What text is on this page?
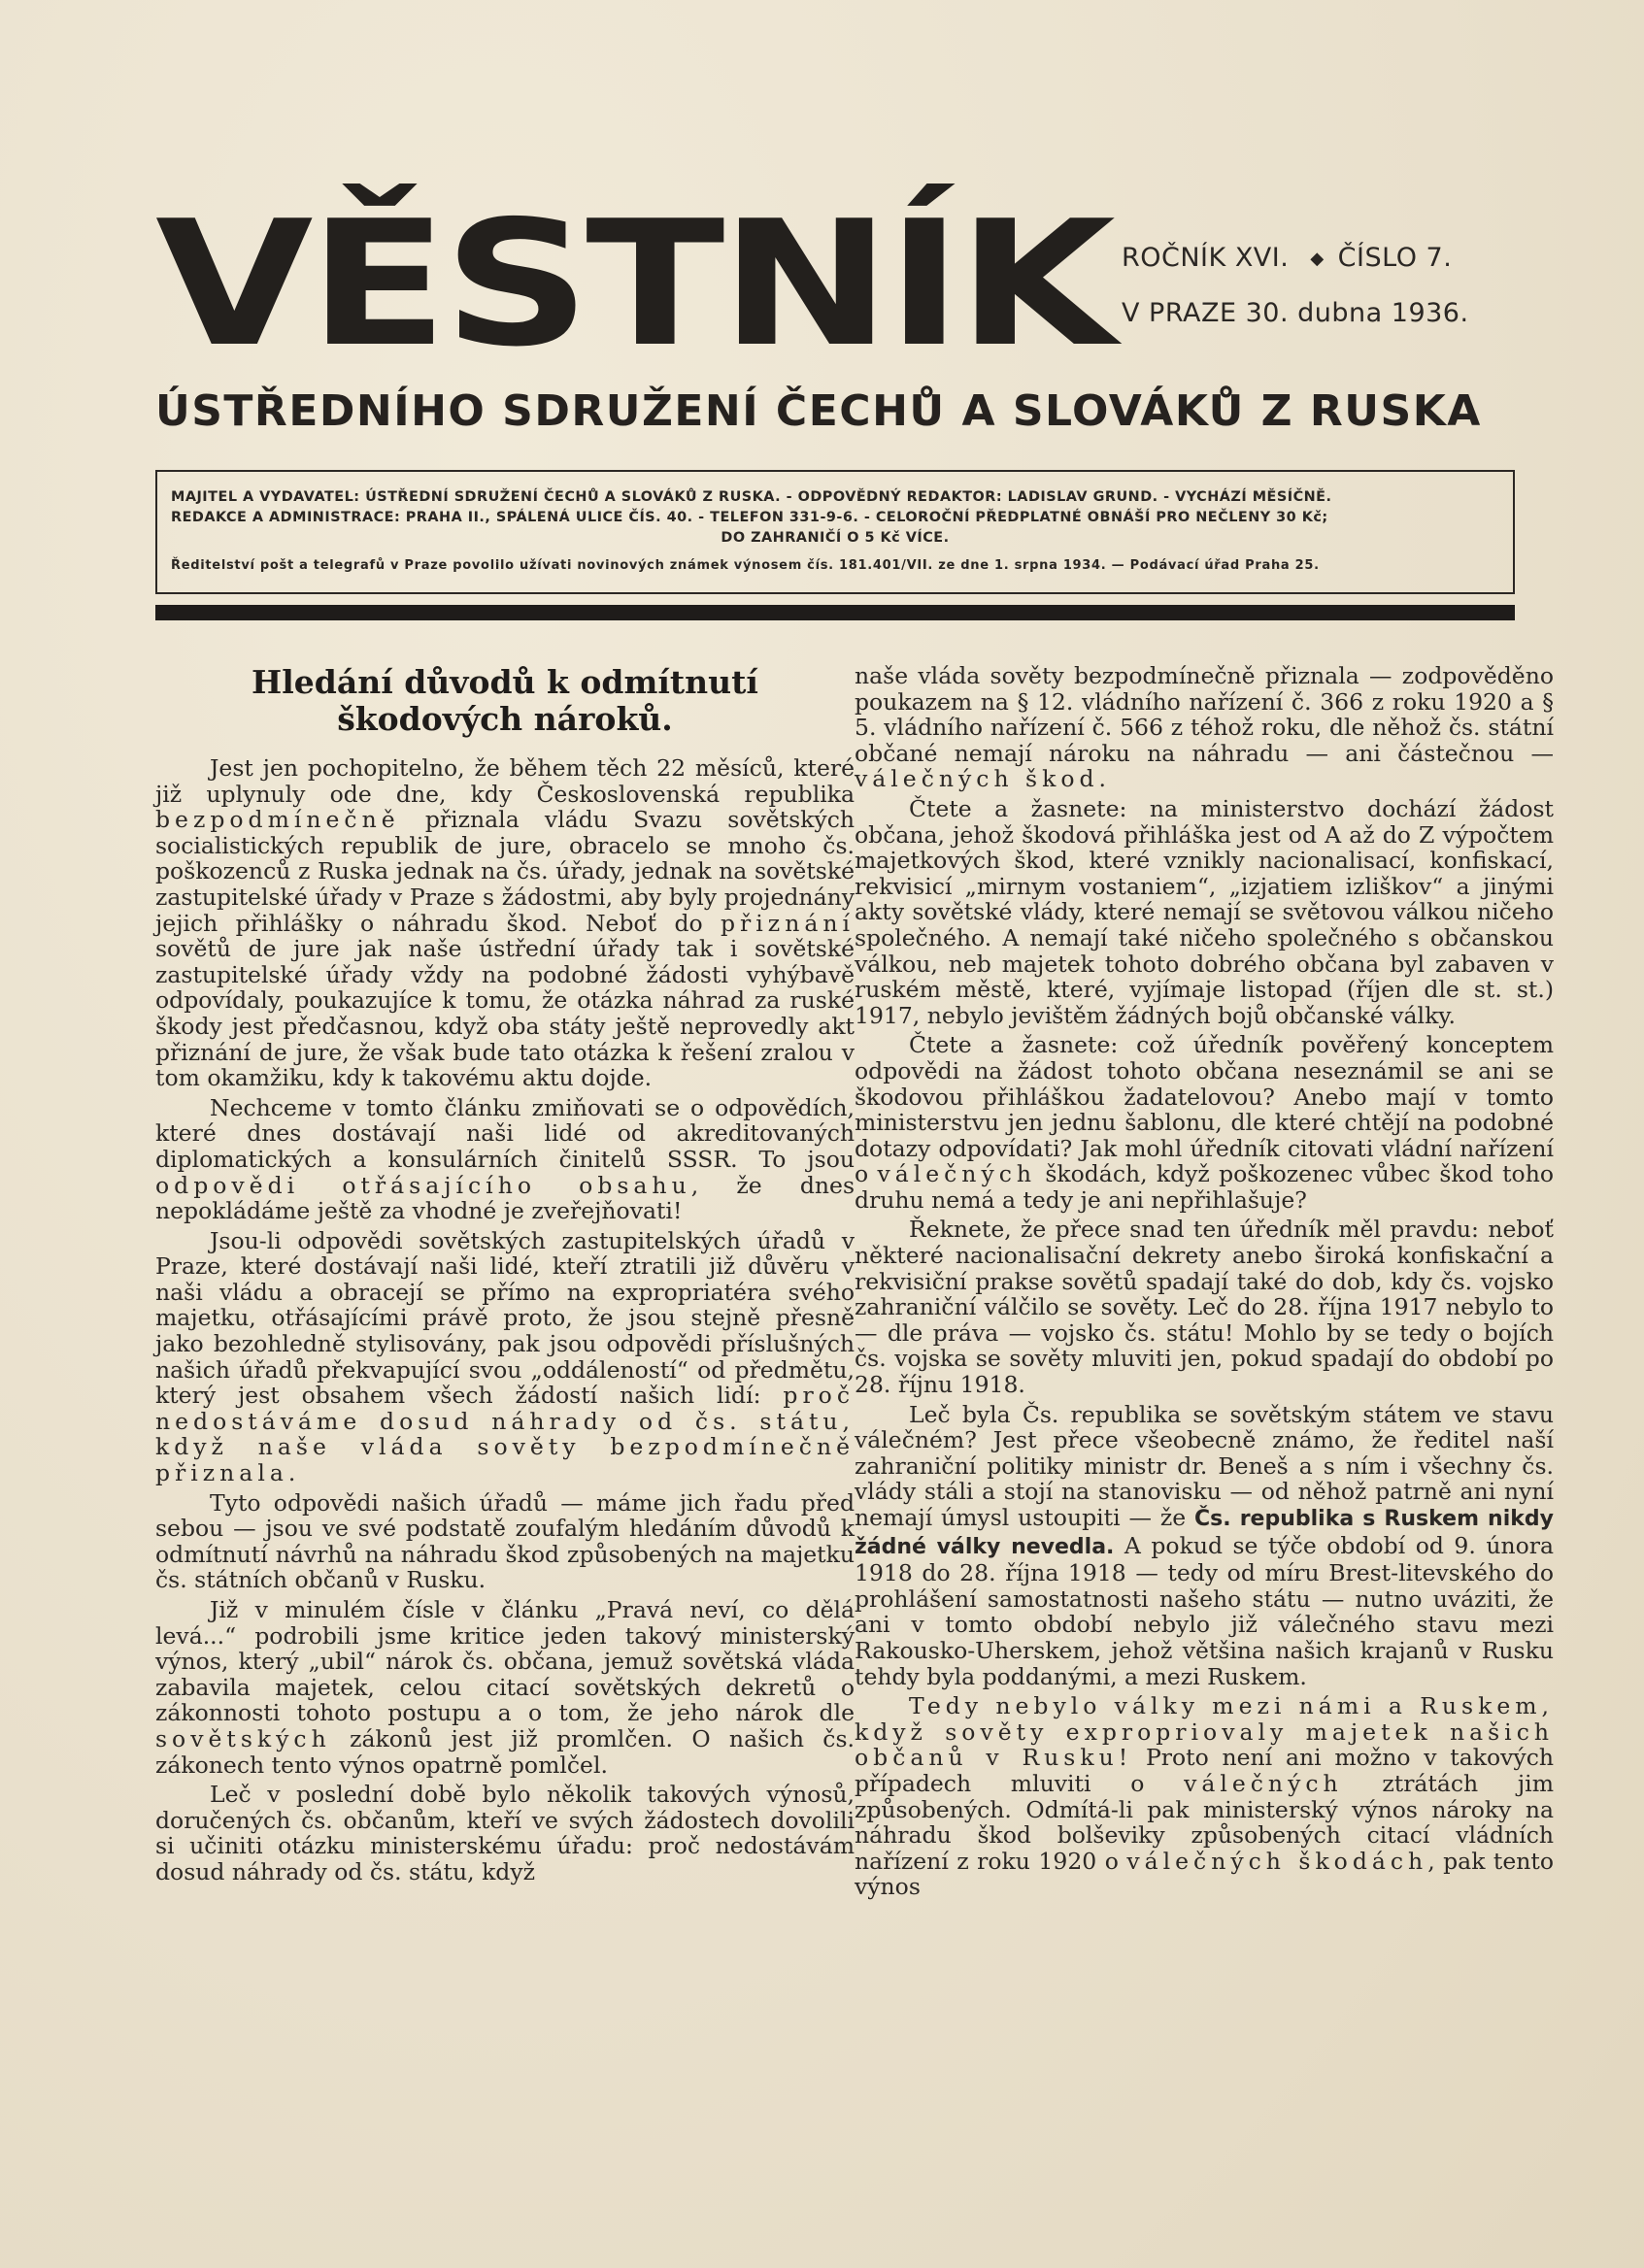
VĚSTNÍK ROČNÍK XVI. ◆ ČÍSLO 7.
V PRAZE 30. dubna 1936.
ÚSTŘEDNÍHO SDRUŽENÍ ČECHŮ A SLOVÁKŮ Z RUSKA
MAJITEL A VYDAVATEL: ÚSTŘEDNÍ SDRUŽENÍ ČECHŮ A SLOVÁKŮ Z RUSKA. - ODPOVĚDNÝ REDAKTOR: LADISLAV GRUND. - VYCHÁZÍ MĚSÍČNĚ.
REDAKCE A ADMINISTRACE: PRAHA II., SPÁLENÁ ULICE ČÍS. 40. - TELEFON 331-9-6. - CELOROČNÍ PŘEDPLATNÉ OBNÁŠÍ PRO NEČLENY 30 Kč;
DO ZAHRANIČÍ O 5 Kč VÍCE.
Ředitelství pošt a telegrafů v Praze povolilo užívati novinových známek výnosem čís. 181.401/VII. ze dne 1. srpna 1934. — Podávací úřad Praha 25.
Hledání důvodů k odmítnutí škodových nároků.

Jest jen pochopitelno, že během těch 22 měsíců, které již uplynuly ode dne, kdy Československá republika bezpodmínečně přiznala vládu Svazu sovětských socialistických republik de jure, obracelo se mnoho čs. poškozenců z Ruska jednak na čs. úřady, jednak na sovětské zastupitelské úřady v Praze s žádostmi, aby byly projednány jejich přihlášky o náhradu škod. Neboť do přiznání sovětů de jure jak naše ústřední úřady tak i sovětské zastupitelské úřady vždy na podobné žádosti vyhýbavě odpovídaly, poukazujíce k tomu, že otázka náhrad za ruské škody jest předčasnou, když oba státy ještě neprovedly akt přiznání de jure, že však bude tato otázka k řešení zralou v tom okamžiku, kdy k takovému aktu dojde.

Nechceme v tomto článku zmiňovati se o odpovědích, které dnes dostávají naši lidé od akreditovaných diplomatických a konsulárních činitelů SSSR. To jsou odpovědi otřásajícího obsahu, že dnes nepokládáme ještě za vhodné je zveřejňovati!

Jsou-li odpovědi sovětských zastupitelských úřadů v Praze, které dostávají naši lidé, kteří ztratili již důvěru v naši vládu a obracejí se přímo na expropriatéra svého majetku, otřásajícími právě proto, že jsou stejně přesně jako bezohledně stylisovány, pak jsou odpovědi příslušných našich úřadů překvapující svou „oddáleností“ od předmětu, který jest obsahem všech žádostí našich lidí: proč nedostáváme dosud náhrady od čs. státu, když naše vláda sověty bezpodmínečně přiznala.

Tyto odpovědi našich úřadů — máme jich řadu před sebou — jsou ve své podstatě zoufalým hledáním důvodů k odmítnutí návrhů na náhradu škod způsobených na majetku čs. státních občanů v Rusku.

Již v minulém čísle v článku „Pravá neví, co dělá levá...“ podrobili jsme kritice jeden takový ministerský výnos, který „ubil“ nárok čs. občana, jemuž sovětská vláda zabavila majetek, celou citací sovětských dekretů o zákonnosti tohoto postupu a o tom, že jeho nárok dle sovětských zákonů jest již promlčen. O našich čs. zákonech tento výnos opatrně pomlčel.

Leč v poslední době bylo několik takových výnosů, doručených čs. občanům, kteří ve svých žádostech dovolili si učiniti otázku ministerskému úřadu: proč nedostávám dosud náhrady od čs. státu, když

naše vláda sověty bezpodmínečně přiznala — zodpověděno poukazem na § 12. vládního nařízení č. 366 z roku 1920 a § 5. vládního nařízení č. 566 z téhož roku, dle něhož čs. státní občané nemají nároku na náhradu — ani částečnou — válečných škod.

Čtete a žasnete: na ministerstvo dochází žádost občana, jehož škodová přihláška jest od A až do Z výpočtem majetkových škod, které vznikly nacionalisací, konfiskací, rekvisicí „mirnym vostaniem“, „izjatiem izliškov“ a jinými akty sovětské vlády, které nemají se světovou válkou ničeho společného. A nemají také ničeho společného s občanskou válkou, neb majetek tohoto dobrého občana byl zabaven v ruském městě, které, vyjímaje listopad (říjen dle st. st.) 1917, nebylo jevištěm žádných bojů občanské války.

Čtete a žasnete: což úředník pověřený konceptem odpovědi na žádost tohoto občana neseznámil se ani se škodovou přihláškou žadatelovou? Anebo mají v tomto ministerstvu jen jednu šablonu, dle které chtějí na podobné dotazy odpovídati? Jak mohl úředník citovati vládní nařízení o válečných škodách, když poškozenec vůbec škod toho druhu nemá a tedy je ani nepřihlašuje?

Řeknete, že přece snad ten úředník měl pravdu: neboť některé nacionalisační dekrety anebo široká konfiskační a rekvisiční prakse sovětů spadají také do dob, kdy čs. vojsko zahraniční válčilo se sověty. Leč do 28. října 1917 nebylo to — dle práva — vojsko čs. státu! Mohlo by se tedy o bojích čs. vojska se sověty mluviti jen, pokud spadají do období po 28. říjnu 1918.

Leč byla Čs. republika se sovětským státem ve stavu válečném? Jest přece všeobecně známo, že ředitel naší zahraniční politiky ministr dr. Beneš a s ním i všechny čs. vlády stáli a stojí na stanovisku — od něhož patrně ani nyní nemají úmysl ustoupiti — že Čs. republika s Ruskem nikdy žádné války nevedla. A pokud se týče období od 9. února 1918 do 28. října 1918 — tedy od míru Brest-litevského do prohlášení samostatnosti našeho státu — nutno uváziti, že ani v tomto období nebylo již válečného stavu mezi Rakousko-Uherskem, jehož většina našich krajanů v Rusku tehdy byla poddanými, a mezi Ruskem.

Tedy nebylo války mezi námi a Ruskem, když sověty expropriovaly majetek našich občanů v Rusku! Proto není ani možno v takových případech mluviti o válečných ztrátách jim způsobených. Odmítá-li pak ministerský výnos nároky na náhradu škod bolševiky způsobených citací vládních nařízení z roku 1920 o válečných škodách, pak tento výnos
